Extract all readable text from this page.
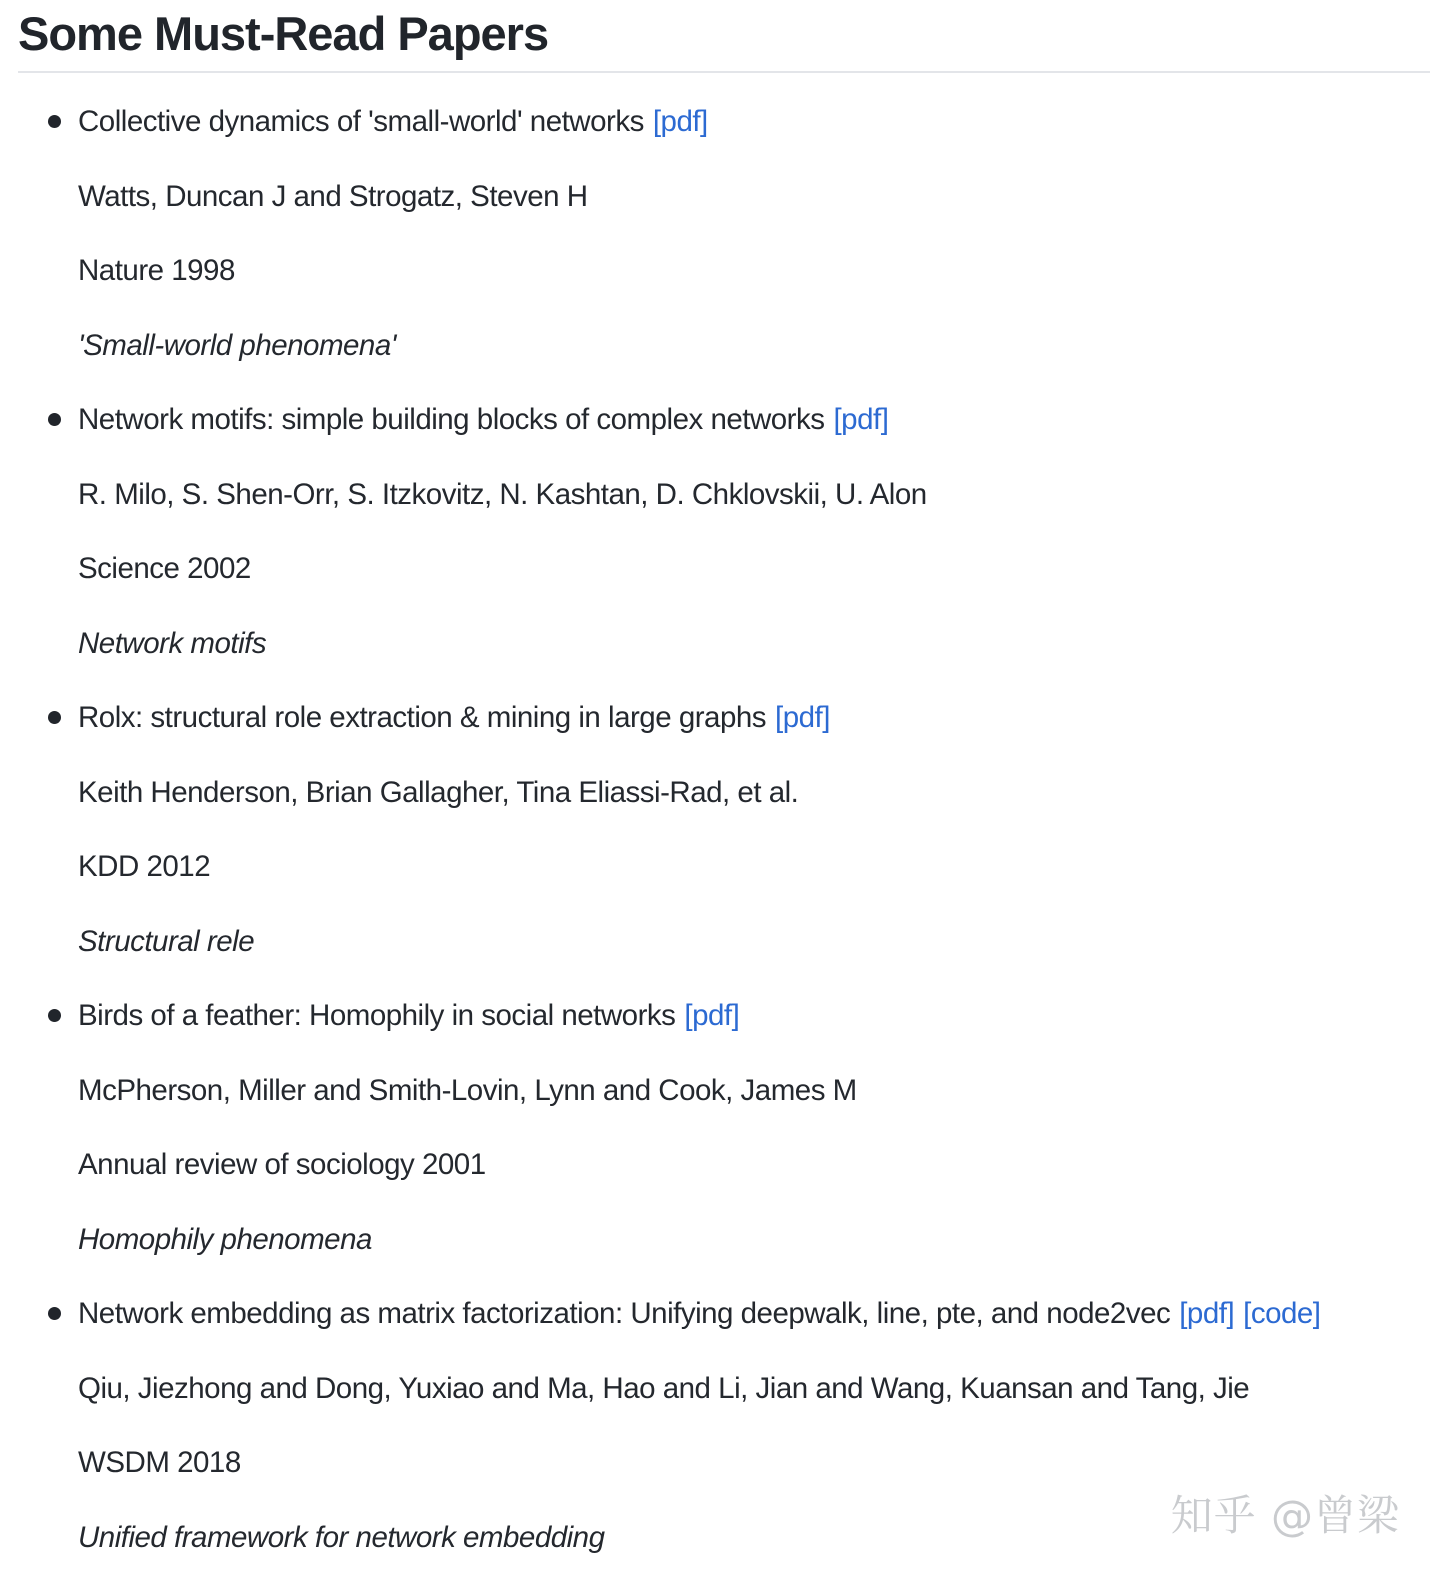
Some Must-Read Papers

Collective dynamics of 'small-world' networks [pdf]

Watts, Duncan J and Strogatz, Steven H

Nature 1998

'Small-world phenomena'

Network motifs: simple building blocks of complex networks [pdf]

R. Milo, S. Shen-Orr, S. Itzkovitz, N. Kashtan, D. Chklovskii, U. Alon

Science 2002

Network motifs

Rolx: structural role extraction & mining in large graphs [pdf]

Keith Henderson, Brian Gallagher, Tina Eliassi-Rad, et al.

KDD 2012

Structural rele

Birds of a feather: Homophily in social networks [pdf]

McPherson, Miller and Smith-Lovin, Lynn and Cook, James M

Annual review of sociology 2001

Homophily phenomena

Network embedding as matrix factorization: Unifying deepwalk, line, pte, and node2vec [pdf] [code]

Qiu, Jiezhong and Dong, Yuxiao and Ma, Hao and Li, Jian and Wang, Kuansan and Tang, Jie

WSDM 2018

Unified framework for network embedding	知乎 @曾梁
